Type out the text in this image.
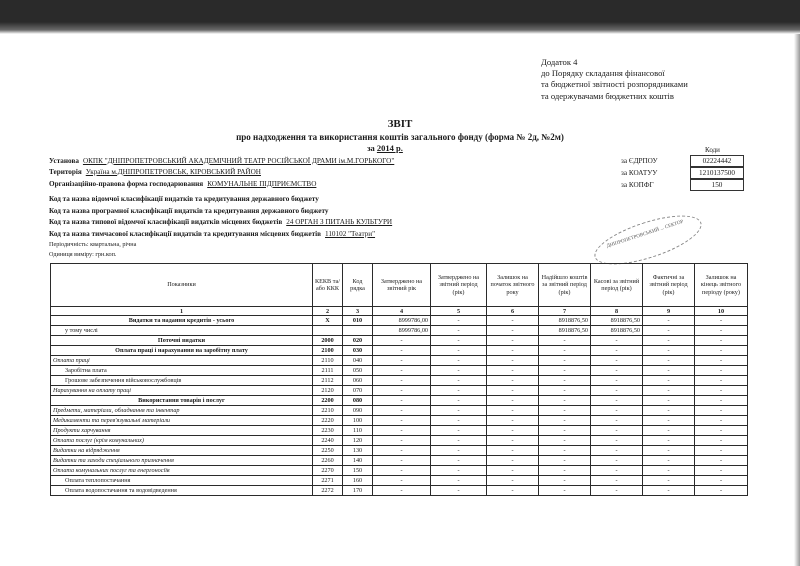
Додаток 4
до Порядку складання фінансової
та бюджетної звітності розпорядниками
та одержувачами бюджетних коштів
ЗВІТ
про надходження та використання коштів загального фонду (форма № 2д, №2м)
за 2014 р.	Коди
Установа ОКПК "ДНІПРОПЕТРОВСЬКИЙ АКАДЕМІЧНИЙ ТЕАТР РОСІЙСЬКОЇ ДРАМИ ім.М.ГОРЬКОГО"
Територія Україна м.ДНІПРОПЕТРОВСЬК, КІРОВСЬКИЙ РАЙОН
Організаційно-правова форма господарювання КОМУНАЛЬНЕ ПІДПРИЄМСТВО
Код та назва відомчої класифікації видатків та кредитування державного бюджету
Код та назва програмної класифікації видатків та кредитування державного бюджету
Код та назва типової відомчої класифікації видатків місцевих бюджетів 24 ОРГАН З ПИТАНЬ КУЛЬТУРИ
Код та назва тимчасової класифікації видатків та кредитування місцевих бюджетів 110102 "Театри"
за ЄДРПОУ	02224442
за КОАТУУ	1210137500
за КОПФГ	150
ДНІПРОПЕТРОВСЬКИЙ ... СЕКТОР
Періодичність: квартальна, річна
Одиниця виміру: грн.коп.
Показники	КЕКВ та/або ККК	Код рядка	Затверджено на звітний рік	Затверджено на звітний період (рік)	Залишок на початок звітного року	Надійшло коштів за звітний період (рік)	Касові за звітний період (рік)	Фактичні за звітний період (рік)	Залишок на кінець звітного періоду (року)
1	2	3	4	5	6	7	8	9	10
Видатки та надання кредитів - усього	X	010	8999786,00	-	-	8918876,50	8918876,50	-	-
у тому числі			8999786,00	-	-	8918876,50	8918876,50	-	-
Поточні видатки	2000	020	-	-	-	-	-	-	-
Оплата праці і нарахування на заробітну плату	2100	030	-	-	-	-	-	-	-
Оплата праці	2110	040	-	-	-	-	-	-	-
Заробітна плата	2111	050	-	-	-	-	-	-	-
Грошове забезпечення військовослужбовців	2112	060	-	-	-	-	-	-	-
Нарахування на оплату праці	2120	070	-	-	-	-	-	-	-
Використання товарів і послуг	2200	080	-	-	-	-	-	-	-
Предмети, матеріали, обладнання та інвентар	2210	090	-	-	-	-	-	-	-
Медикаменти та перев'язувальні матеріали	2220	100	-	-	-	-	-	-	-
Продукти харчування	2230	110	-	-	-	-	-	-	-
Оплата послуг (крім комунальних)	2240	120	-	-	-	-	-	-	-
Видатки на відрядження	2250	130	-	-	-	-	-	-	-
Видатки та заходи спеціального призначення	2260	140	-	-	-	-	-	-	-
Оплата комунальних послуг та енергоносіїв	2270	150	-	-	-	-	-	-	-
Оплата теплопостачання	2271	160	-	-	-	-	-	-	-
Оплата водопостачання та водовідведення	2272	170	-	-	-	-	-	-	-
